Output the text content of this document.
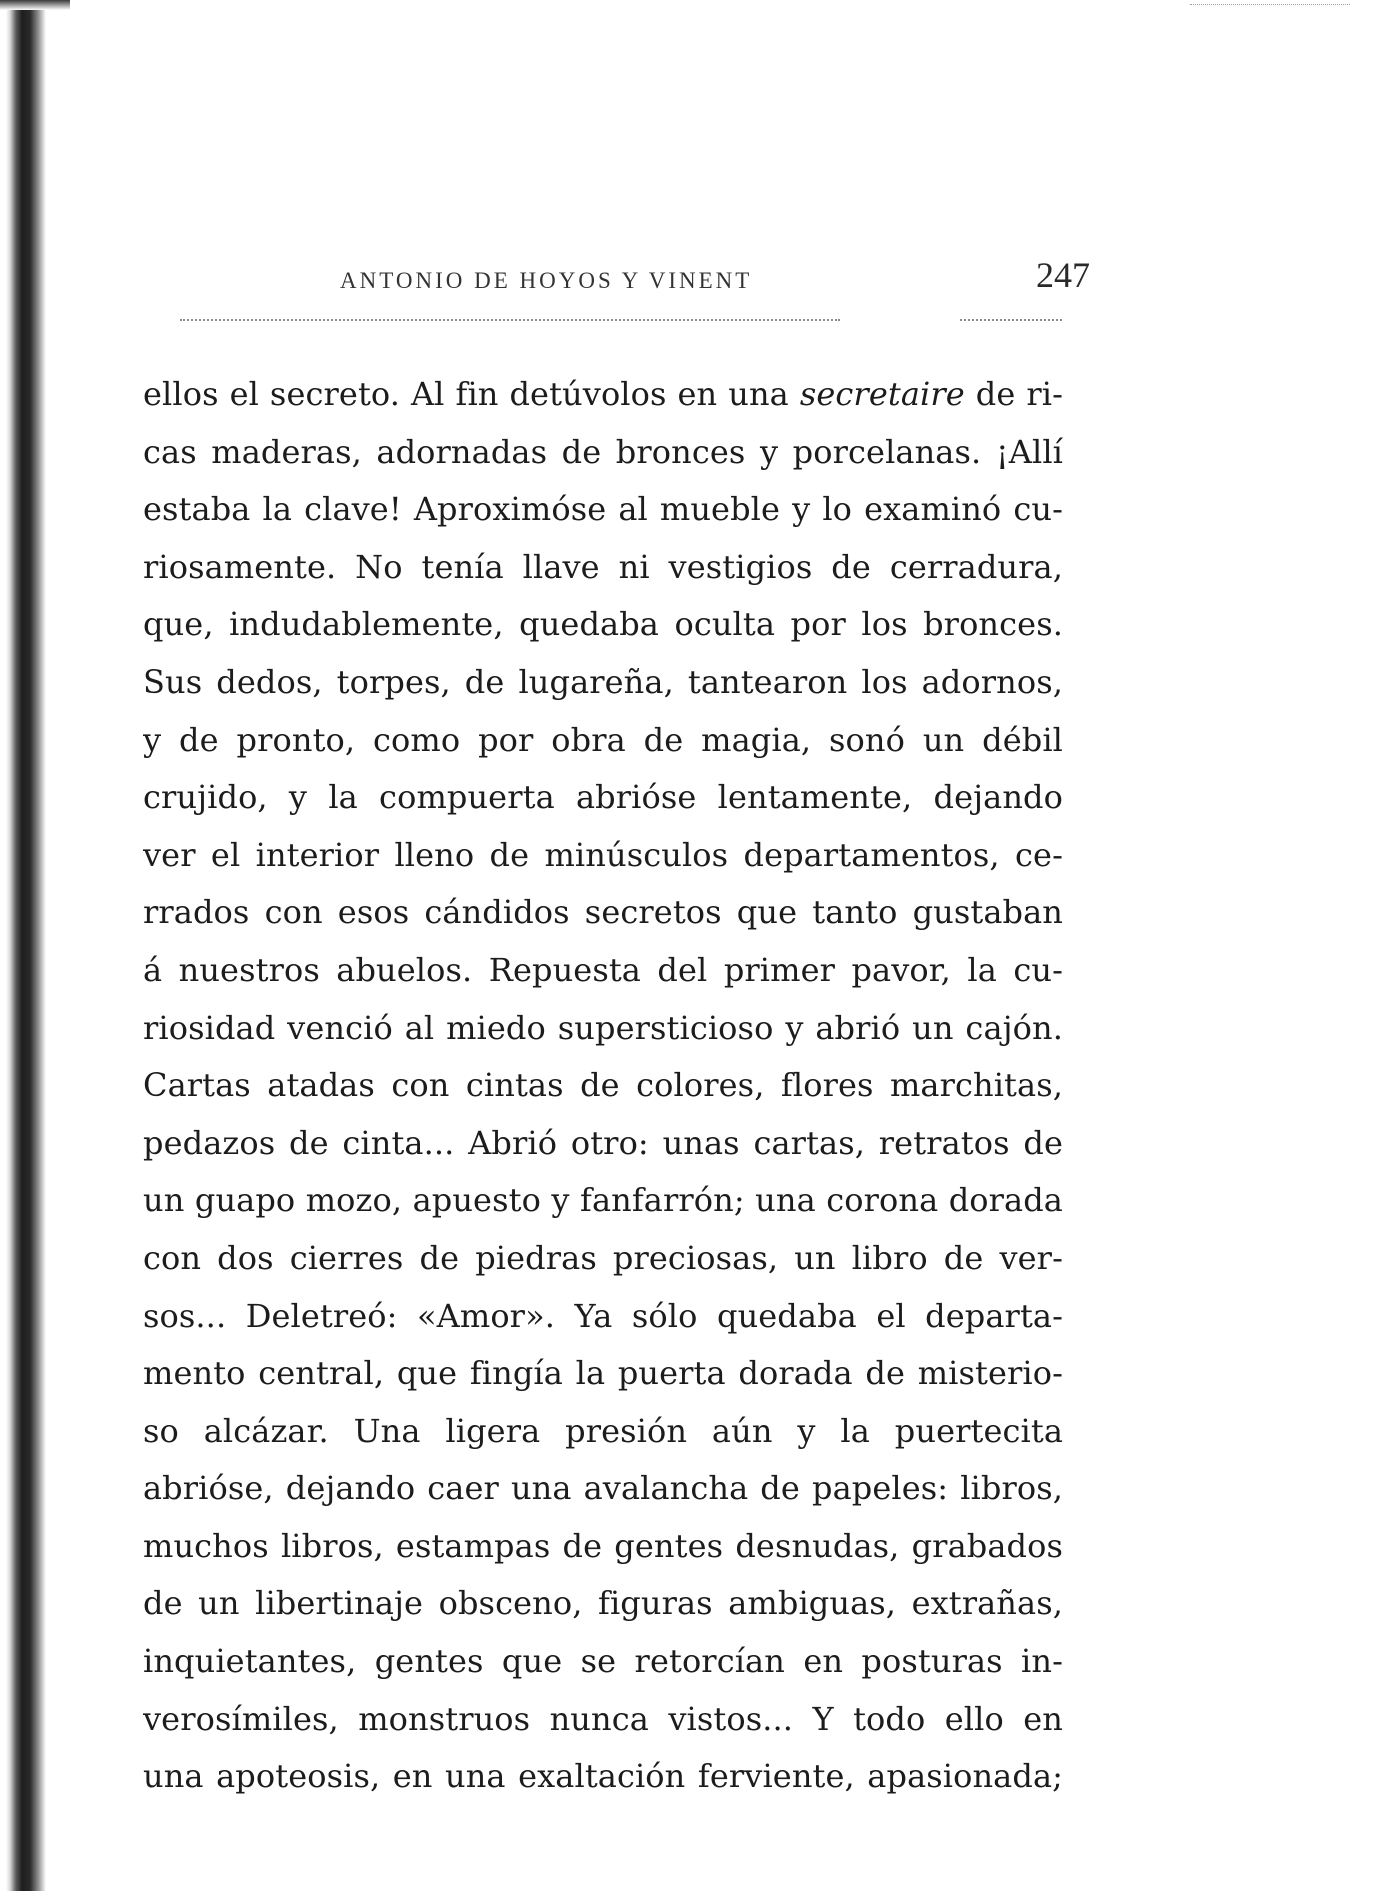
ANTONIO DE HOYOS Y VINENT	247
ellos el secreto. Al fin detúvolos en una secretaire de ri-
cas maderas, adornadas de bronces y porcelanas. ¡Allí
estaba la clave! Aproximóse al mueble y lo examinó cu-
riosamente. No tenía llave ni vestigios de cerradura,
que, indudablemente, quedaba oculta por los bronces.
Sus dedos, torpes, de lugareña, tantearon los adornos,
y de pronto, como por obra de magia, sonó un débil
crujido, y la compuerta abrióse lentamente, dejando
ver el interior lleno de minúsculos departamentos, ce-
rrados con esos cándidos secretos que tanto gustaban
á nuestros abuelos. Repuesta del primer pavor, la cu-
riosidad venció al miedo supersticioso y abrió un cajón.
Cartas atadas con cintas de colores, flores marchitas,
pedazos de cinta... Abrió otro: unas cartas, retratos de
un guapo mozo, apuesto y fanfarrón; una corona dorada
con dos cierres de piedras preciosas, un libro de ver-
sos... Deletreó: «Amor». Ya sólo quedaba el departa-
mento central, que fingía la puerta dorada de misterio-
so alcázar. Una ligera presión aún y la puertecita
abrióse, dejando caer una avalancha de papeles: libros,
muchos libros, estampas de gentes desnudas, grabados
de un libertinaje obsceno, figuras ambiguas, extrañas,
inquietantes, gentes que se retorcían en posturas in-
verosímiles, monstruos nunca vistos... Y todo ello en
una apoteosis, en una exaltación ferviente, apasionada;
